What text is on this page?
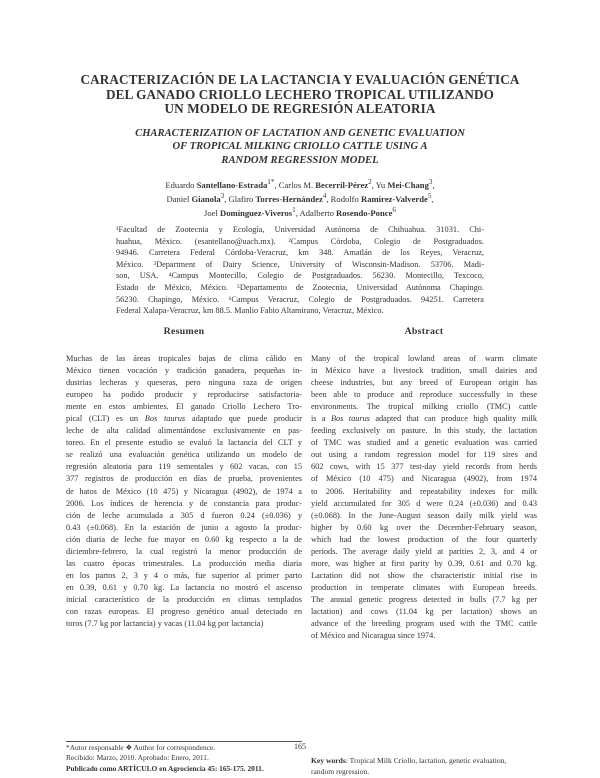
CARACTERIZACIÓN DE LA LACTANCIA Y EVALUACIÓN GENÉTICA
DEL GANADO CRIOLLO LECHERO TROPICAL UTILIZANDO
UN MODELO DE REGRESIÓN ALEATORIA
CHARACTERIZATION OF LACTATION AND GENETIC EVALUATION
OF TROPICAL MILKING CRIOLLO CATTLE USING A
RANDOM REGRESSION MODEL
Eduardo Santellano-Estrada$^{1*}$, Carlos M. Becerril-Pérez$^2$, Yu Mei-Chang$^3$,
Daniel Gianola$^3$, Glafiro Torres-Hernández$^4$, Rodolfo Ramírez-Valverde$^5$,
Joel Domínguez-Viveros$^1$, Adalberto Rosendo-Ponce$^6$
¹Facultad de Zootecnia y Ecología, Universidad Autónoma de Chihuahua. 31031. Chi-
huahua, México. (esantellano@uach.mx). ²Campus Córdoba, Colegio de Postgraduados.
94946. Carretera Federal Córdoba-Veracruz, km 348. Amatlán de los Reyes, Veracruz,
México. ³Department of Dairy Science, University of Wisconsin-Madison. 53706. Madi-
son, USA. ⁴Campus Montecillo, Colegio de Postgraduados. 56230. Montecillo, Texcoco,
Estado de México, México. ⁵Departamento de Zootecnia, Universidad Autónoma Chapingo.
56230. Chapingo, México. ⁶Campus Veracruz, Colegio de Postgraduados. 94251. Carretera
Federal Xalapa-Veracruz, km 88.5. Manlio Fabio Altamirano, Veracruz, México.
Resumen	Abstract
Muchas de las áreas tropicales bajas de clima cálido en
México tienen vocación y tradición ganadera, pequeñas in-
dustrias lecheras y queseras, pero ninguna raza de origen
europeo ha podido producir y reproducirse satisfactoria-
mente en estos ambientes. El ganado Criollo Lechero Tro-
pical (CLT) es un Bos taurus adaptado que puede producir
leche de alta calidad alimentándose exclusivamente en pas-
toreo. En el presente estudio se evaluó la lactancia del CLT y
se realizó una evaluación genética utilizando un modelo de
regresión aleatoria para 119 sementales y 602 vacas, con 15
377 registros de producción en días de prueba, provenientes
de hatos de México (10 475) y Nicaragua (4902), de 1974 a
2006. Los índices de herencia y de constancia para produc-
ción de leche acumulada a 305 d fueron 0.24 (±0.036) y
0.43 (±0.068). En la estación de junio a agosto la produc-
ción diaria de leche fue mayor en 0.60 kg respecto a la de
diciembre-febrero, la cual registró la menor producción de
las cuatro épocas trimestrales. La producción media diaria
en los partos 2, 3 y 4 o más, fue superior al primer parto
en 0.39, 0.61 y 0.70 kg. La lactancia no mostró el ascenso
inicial característico de la producción en climas templados
con razas europeas. El progreso genético anual detectado en
toros (7.7 kg por lactancia) y vacas (11.04 kg por lactancia)
Many of the tropical lowland areas of warm climate
in México have a livestock tradition, small dairies and
cheese industries, but any breed of European origin has
been able to produce and reproduce successfully in these
environments. The tropical milking criollo (TMC) cattle
is a Bos taurus adapted that can produce high quality milk
feeding exclusively on pasture. In this study, the lactation
of TMC was studied and a genetic evaluation was carried
out using a random regression model for 119 sires and
602 cows, with 15 377 test-day yield records from herds
of México (10 475) and Nicaragua (4902), from 1974
to 2006. Heritability and repeatability indexes for milk
yield accumulated for 305 d were 0.24 (±0.036) and 0.43
(±0.068). In the June-August season daily milk yield was
higher by 0.60 kg over the December-February season,
which had the lowest production of the four quarterly
periods. The average daily yield at parities 2, 3, and 4 or
more, was higher at first parity by 0.39, 0.61 and 0.70 kg.
Lactation did not show the characteristic initial rise in
production in temperate climates with European breeds.
The annual genetic progress detected in bulls (7.7 kg per
lactation) and cows (11.04 kg per lactation) shows an
advance of the breeding program used with the TMC cattle
of México and Nicaragua since 1974.
*Autor responsable ❖ Author for correspondence.
Recibido: Marzo, 2010. Aprobado: Enero, 2011.
Publicado como ARTÍCULO en Agrociencia 45: 165-175. 2011.
Key words: Tropical Milk Criollo, lactation, genetic evaluation,
random regression.
165
